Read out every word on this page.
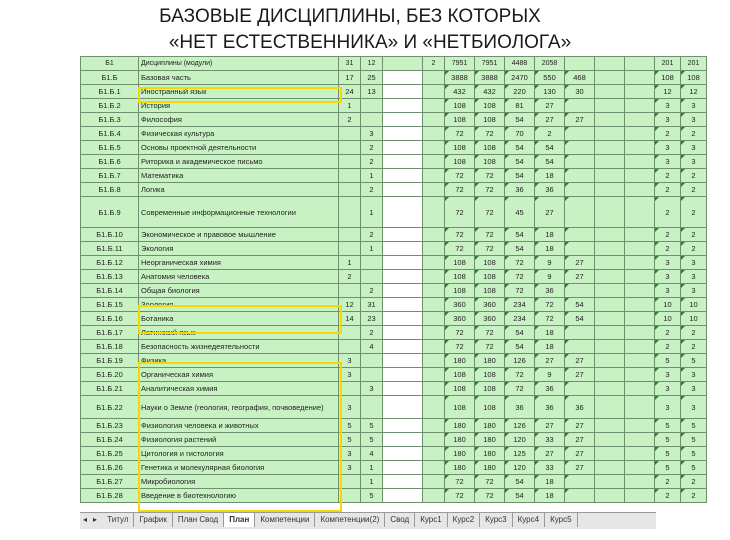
БАЗОВЫЕ ДИСЦИПЛИНЫ, БЕЗ КОТОРЫХ
«НЕТ ЕСТЕСТВЕННИКА» И «НЕТБИОЛОГА»
Б1	Дисциплины (модули)	31	12		2	7951	7951	4488	2058				201	201
Б1.Б	Базовая часть	17	25			3888	3888	2470	550	468			108	108
Б1.Б.1	Иностранный язык	24	13			432	432	220	130	30			12	12
Б1.Б.2	История	1				108	108	81	27				3	3
Б1.Б.3	Философия	2				108	108	54	27	27			3	3
Б1.Б.4	Физическая культура		3			72	72	70	2				2	2
Б1.Б.5	Основы проектной деятельности		2			108	108	54	54				3	3
Б1.Б.6	Риторика и академическое письмо		2			108	108	54	54				3	3
Б1.Б.7	Математика		1			72	72	54	18				2	2
Б1.Б.8	Логика		2			72	72	36	36				2	2
Б1.Б.9	Современные информационные технологии		1			72	72	45	27				2	2
Б1.Б.10	Экономическое и правовое мышление		2			72	72	54	18				2	2
Б1.Б.11	Экология		1			72	72	54	18				2	2
Б1.Б.12	Неорганическая химия	1				108	108	72	9	27			3	3
Б1.Б.13	Анатомия человека	2				108	108	72	9	27			3	3
Б1.Б.14	Общая биология		2			108	108	72	36				3	3
Б1.Б.15	Зоология	12	31			360	360	234	72	54			10	10
Б1.Б.16	Ботаника	14	23			360	360	234	72	54			10	10
Б1.Б.17	Латинский язык		2			72	72	54	18				2	2
Б1.Б.18	Безопасность жизнедеятельности		4			72	72	54	18				2	2
Б1.Б.19	Физика	3				180	180	126	27	27			5	5
Б1.Б.20	Органическая химия	3				108	108	72	9	27			3	3
Б1.Б.21	Аналитическая химия		3			108	108	72	36				3	3
Б1.Б.22	Науки о Земле (геология, география, почвоведение)	3				108	108	36	36	36			3	3
Б1.Б.23	Физиология человека и животных	5	5			180	180	126	27	27			5	5
Б1.Б.24	Физиология растений	5	5			180	180	120	33	27			5	5
Б1.Б.25	Цитология и гистология	3	4			180	180	125	27	27			5	5
Б1.Б.26	Генетика и молекулярная биология	3	1			180	180	120	33	27			5	5
Б1.Б.27	Микробиология		1			72	72	54	18				2	2
Б1.Б.28	Введение в биотехнологию		5			72	72	54	18				2	2
◂ ▸ Титул График План Свод План Компетенции Компетенции(2) Свод Курс1 Курс2 Курс3 Курс4 Курс5
